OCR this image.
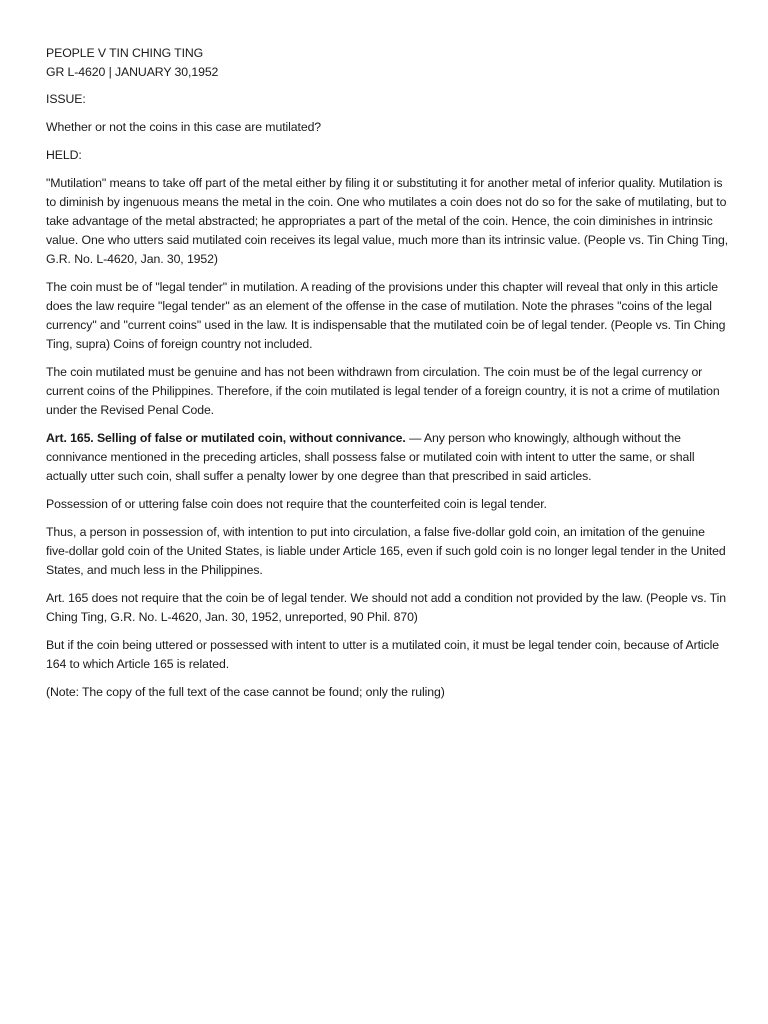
PEOPLE V TIN CHING TING
GR L-4620 | JANUARY 30,1952

ISSUE:

Whether or not the coins in this case are mutilated?

HELD:

"Mutilation" means to take off part of the metal either by filing it or substituting it for another metal of inferior quality. Mutilation is to diminish by ingenuous means the metal in the coin. One who mutilates a coin does not do so for the sake of mutilating, but to take advantage of the metal abstracted; he appropriates a part of the metal of the coin. Hence, the coin diminishes in intrinsic value. One who utters said mutilated coin receives its legal value, much more than its intrinsic value. (People vs. Tin Ching Ting, G.R. No. L-4620, Jan. 30, 1952)

The coin must be of "legal tender" in mutilation. A reading of the provisions under this chapter will reveal that only in this article does the law require "legal tender" as an element of the offense in the case of mutilation. Note the phrases "coins of the legal currency" and "current coins" used in the law. It is indispensable that the mutilated coin be of legal tender. (People vs. Tin Ching Ting, supra) Coins of foreign country not included.

The coin mutilated must be genuine and has not been withdrawn from circulation. The coin must be of the legal currency or current coins of the Philippines. Therefore, if the coin mutilated is legal tender of a foreign country, it is not a crime of mutilation under the Revised Penal Code.

Art. 165. Selling of false or mutilated coin, without connivance. — Any person who knowingly, although without the connivance mentioned in the preceding articles, shall possess false or mutilated coin with intent to utter the same, or shall actually utter such coin, shall suffer a penalty lower by one degree than that prescribed in said articles.

Possession of or uttering false coin does not require that the counterfeited coin is legal tender.

Thus, a person in possession of, with intention to put into circulation, a false five-dollar gold coin, an imitation of the genuine five-dollar gold coin of the United States, is liable under Article 165, even if such gold coin is no longer legal tender in the United States, and much less in the Philippines.

Art. 165 does not require that the coin be of legal tender. We should not add a condition not provided by the law. (People vs. Tin Ching Ting, G.R. No. L-4620, Jan. 30, 1952, unreported, 90 Phil. 870)

But if the coin being uttered or possessed with intent to utter is a mutilated coin, it must be legal tender coin, because of Article 164 to which Article 165 is related.

(Note: The copy of the full text of the case cannot be found; only the ruling)
